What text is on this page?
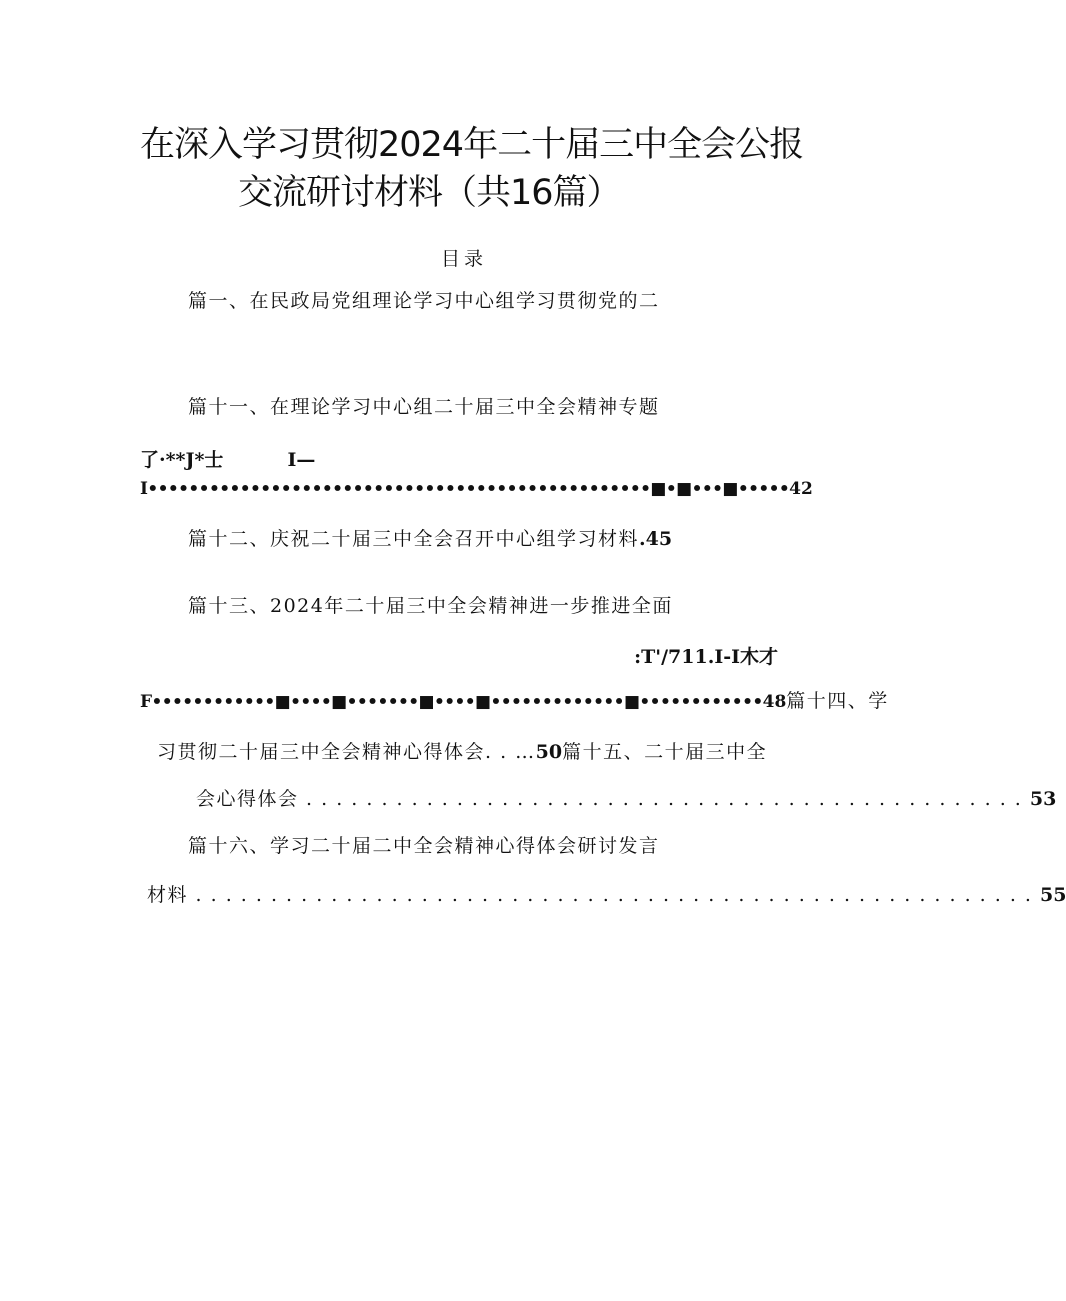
在深入学习贯彻2024年二十届三中全会公报
交流研讨材料（共16篇）
目录
篇一、在民政局党组理论学习中心组学习贯彻党的二
篇十一、在理论学习中心组二十届三中全会精神专题
了·**J*士	I—
I•••••••••••••••••••••••••••••••••••••••••••••••••■•■•••■•••••42
篇十二、庆祝二十届三中全会召开中心组学习材料.45
篇十三、2024年二十届三中全会精神进一步推进全面
:T'/711.I-I木才
F••••••••••••■••••■•••••••■••••■•••••••••••••■••••••••••••48篇十四、学
习贯彻二十届三中全会精神心得体会. . …50篇十五、二十届三中全
会心得体会 . . . . . . . . . . . . . . . . . . . . . . . . . . . . . . . . . . . . . . . . . . . . . . . . 53
篇十六、学习二十届二中全会精神心得体会研讨发言
材料 . . . . . . . . . . . . . . . . . . . . . . . . . . . . . . . . . . . . . . . . . . . . . . . . . . . . . . . . 55
